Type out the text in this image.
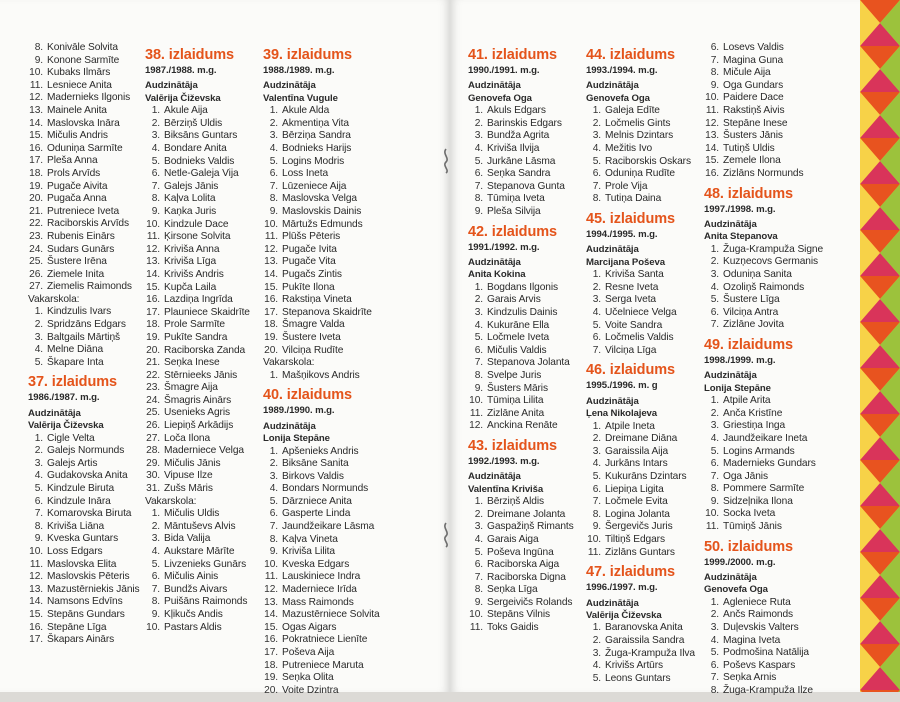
8. Konivāle Solvita
9. Konone Sarmīte
10. Kubaks Ilmārs
11. Lesniece Anita
12. Madernieks Ilgonis
13. Mainele Anita
14. Maslovska Ināra
15. Mičulis Andris
16. Oduniņa Sarmīte
17. Pleša Anna
18. Prols Arvīds
19. Pugače Aivita
20. Pugača Anna
21. Putreniece Iveta
22. Raciborskis Arvīds
23. Rubenis Einārs
24. Sudars Gunārs
25. Šustere Irēna
26. Ziemele Inita
27. Ziemelis Raimonds
Vakarskola:
1. Kindzulis Ivars
2. Spridzāns Edgars
3. Baltgails Mārtiņš
4. Melne Diāna
5. Škapare Inta
37. izlaidums
1986./1987. m.g.
Audzinātāja
Valērija Čiževska
1. Cigle Velta
2. Galejs Normunds
3. Galejs Artis
4. Gudakovska Anita
5. Kindzule Biruta
6. Kindzule Ināra
7. Komarovska Biruta
8. Kriviša Liāna
9. Kveska Guntars
10. Loss Edgars
11. Maslovska Elita
12. Maslovskis Pēteris
13. Mazustērniekis Jānis
14. Namsons Edvīns
15. Stepāns Gundars
16. Stepāne Līga
17. Škapars Ainārs
38. izlaidums
1987./1988. m.g.
Audzinātāja
Valērija Čiževska
1. Akule Aija
2. Bērziņš Uldis
3. Biksāns Guntars
4. Bondare Anita
5. Bodnieks Valdis
6. Netle-Galeja Vija
7. Galejs Jānis
8. Kaļva Lolita
9. Kaņka Juris
10. Kindzule Dace
11. Ķirsone Solvita
12. Kriviša Anna
13. Kriviša Līga
14. Krivišs Andris
15. Kupča Laila
16. Lazdiņa Ingrīda
17. Plauniece Skaidrīte
18. Prole Sarmīte
19. Pukīte Sandra
20. Raciborska Zanda
21. Seņka Inese
22. Stērnieeks Jānis
23. Šmagre Aija
24. Šmagris Ainārs
25. Usenieks Agris
26. Liepiņš Arkādijs
27. Loča Ilona
28. Maderniece Velga
29. Mičulis Jānis
30. Vipuse Ilze
31. Zušs Māris
Vakarskola:
1. Mičulis Uldis
2. Māntuševs Alvis
3. Bida Valija
4. Aukstare Mārīte
5. Livzenieks Gunārs
6. Mičulis Ainis
7. Bundžs Aivars
8. Puišāns Raimonds
9. Kļikučs Andis
10. Pastars Aldis
39. izlaidums
1988./1989. m.g.
Audzinātāja
Valentīna Vugule
1. Akule Alda
2. Akmentiņa Vita
3. Bērziņa Sandra
4. Bodnieks Harijs
5. Logins Modris
6. Loss Ineta
7. Lūzeniece Aija
8. Maslovska Velga
9. Maslovskis Dainis
10. Mārtužs Edmunds
11. Plūšs Pēteris
12. Pugače Ivita
13. Pugače Vita
14. Pugačs Zintis
15. Pukīte Ilona
16. Rakstiņa Vineta
17. Stepanova Skaidrīte
18. Šmagre Valda
19. Šustere Iveta
20. Vilciņa Rudīte
Vakarskola:
1. Mašņikovs Andris
40. izlaidums
1989./1990. m.g.
Audzinātāja
Lonija Stepāne
1. Apšenieks Andris
2. Biksāne Sanita
3. Birkovs Valdis
4. Bondars Normunds
5. Dārzniece Anita
6. Gasperte Linda
7. Jaundžeikare Lāsma
8. Kaļva Vineta
9. Kriviša Lilita
10. Kveska Edgars
11. Lauskiniece Indra
12. Maderniece Irīda
13. Mass Raimonds
14. Mazustērniece Solvita
15. Ogas Aigars
16. Pokratniece Lienīte
17. Poševa Aija
18. Putreniece Maruta
19. Seņka Olita
20. Voite Dzintra
41. izlaidums
1990./1991. m.g.
Audzinātāja
Genovefa Oga
1. Akuls Edgars
2. Barinskis Edgars
3. Bundža Agrita
4. Kriviša Ilvija
5. Jurkāne Lāsma
6. Seņka Sandra
7. Stepanova Gunta
8. Tūmiņa Iveta
9. Pleša Silvija
42. izlaidums
1991./1992. m.g.
Audzinātāja
Anita Kokina
1. Bogdans Ilgonis
2. Garais Arvis
3. Kindzulis Dainis
4. Kukurāne Ella
5. Ločmele Iveta
6. Mičulis Valdis
7. Stepanova Jolanta
8. Svelpe Juris
9. Šusters Māris
10. Tūmiņa Lilita
11. Zizlāne Anita
12. Anckina Renāte
43. izlaidums
1992./1993. m.g.
Audzinātāja
Valentīna Kriviša
1. Bērziņš Aldis
2. Dreimane Jolanta
3. Gaspažiņš Rimants
4. Garais Aiga
5. Poševa Ingūna
6. Raciborska Aiga
7. Raciborska Digna
8. Seņka Līga
9. Sergeivičs Rolands
10. Stepāns Vilnis
11. Toks Gaidis
44. izlaidums
1993./1994. m.g.
Audzinātāja
Genovefa Oga
1. Galeja Edīte
2. Ločmelis Gints
3. Melnis Dzintars
4. Mežitis Ivo
5. Raciborskis Oskars
6. Oduniņa Rudīte
7. Prole Vija
8. Tutiņa Daina
45. izlaidums
1994./1995. m.g.
Audzinātāja
Marcijana Poševa
1. Kriviša Santa
2. Resne Iveta
3. Serga Iveta
4. Učelniece Velga
5. Voite Sandra
6. Ločmelis Valdis
7. Vilciņa Līga
46. izlaidums
1995./1996. m. g
Audzinātāja
Ļena Nikolajeva
1. Atpile Ineta
2. Dreimane Diāna
3. Garaissila Aija
4. Jurkāns Intars
5. Kukurāns Dzintars
6. Liepiņa Ligita
7. Ločmele Evita
8. Logina Jolanta
9. Šergevičs Juris
10. Tiltiņš Edgars
11. Zizlāns Guntars
47. izlaidums
1996./1997. m.g.
Audzinātāja
Valērija Čiževska
1. Baranovska Anita
2. Garaissila Sandra
3. Žuga-Krampuža Ilva
4. Krivišs Artūrs
5. Leons Guntars
6. Losevs Valdis
7. Magina Guna
8. Mičule Aija
9. Oga Gundars
10. Paidere Dace
11. Rakstiņš Aivis
12. Stepāne Inese
13. Šusters Jānis
14. Tutiņš Uldis
15. Zemele Ilona
16. Zizlāns Normunds
48. izlaidums
1997./1998. m.g.
Audzinātāja
Anita Stepanova
1. Žuga-Krampuža Signe
2. Kuzņecovs Germanis
3. Oduniņa Sanita
4. Ozoliņš Raimonds
5. Šustere Līga
6. Vilciņa Antra
7. Zizlāne Jovita
49. izlaidums
1998./1999. m.g.
Audzinātāja
Lonija Stepāne
1. Atpile Arita
2. Anča Kristīne
3. Griestiņa Inga
4. Jaundžeikare Ineta
5. Logins Armands
6. Madernieks Gundars
7. Oga Jānis
8. Pommere Sarmīte
9. Sidzeļnika Ilona
10. Socka Iveta
11. Tūmiņš Jānis
50. izlaidums
1999./2000. m.g.
Audzinātāja
Genovefa Oga
1. Agleniece Ruta
2. Ančs Raimonds
3. Duļevskis Valters
4. Magina Iveta
5. Podmošina Natālija
6. Poševs Kaspars
7. Seņka Arnis
8. Žuga-Krampuža Ilze
